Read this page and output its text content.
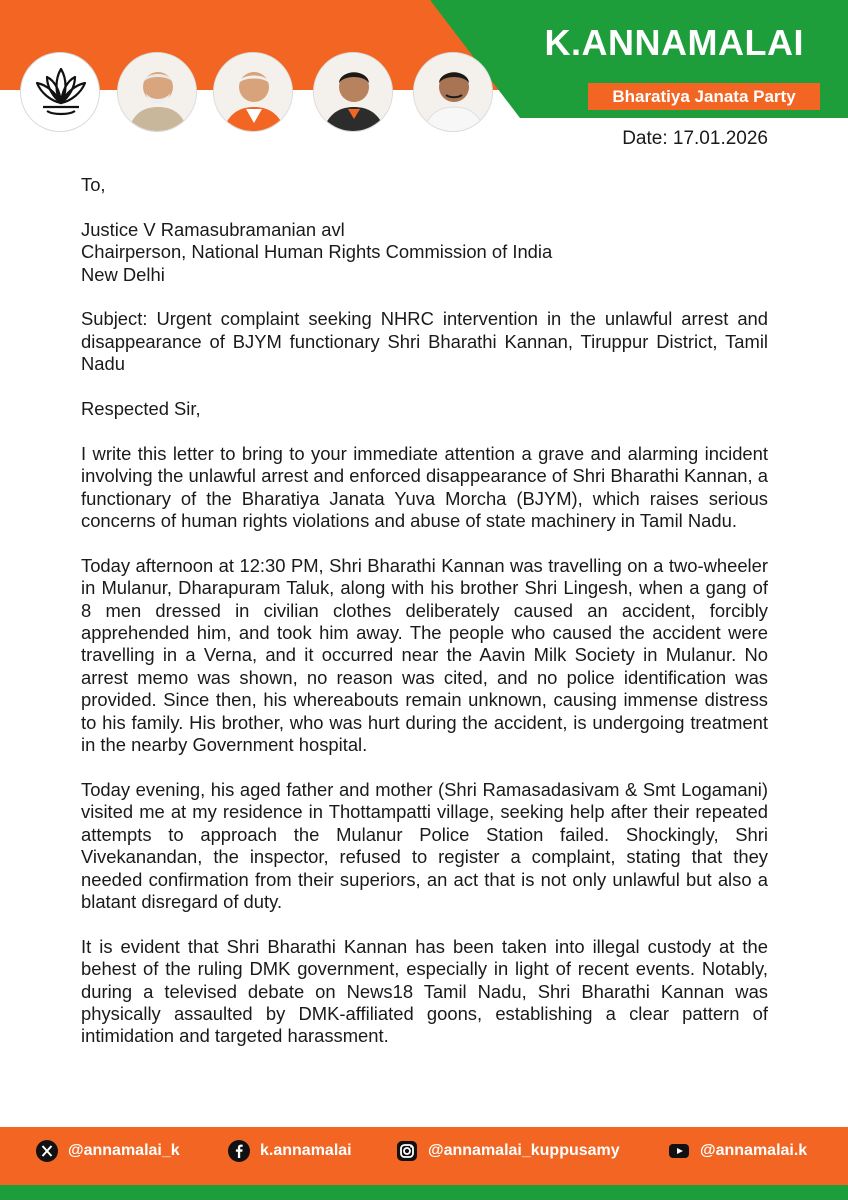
K.ANNAMALAI
Bharatiya Janata Party
Date: 17.01.2026

To,

Justice V Ramasubramanian avl

Chairperson, National Human Rights Commission of India

New Delhi

Subject: Urgent complaint seeking NHRC intervention in the unlawful arrest and disappearance of BJYM functionary Shri Bharathi Kannan, Tiruppur District, Tamil Nadu

Respected Sir,

I write this letter to bring to your immediate attention a grave and alarming incident involving the unlawful arrest and enforced disappearance of Shri Bharathi Kannan, a functionary of the Bharatiya Janata Yuva Morcha (BJYM), which raises serious concerns of human rights violations and abuse of state machinery in Tamil Nadu.

Today afternoon at 12:30 PM, Shri Bharathi Kannan was travelling on a two-wheeler in Mulanur, Dharapuram Taluk, along with his brother Shri Lingesh, when a gang of 8 men dressed in civilian clothes deliberately caused an accident, forcibly apprehended him, and took him away. The people who caused the accident were travelling in a Verna, and it occurred near the Aavin Milk Society in Mulanur. No arrest memo was shown, no reason was cited, and no police identification was provided. Since then, his whereabouts remain unknown, causing immense distress to his family. His brother, who was hurt during the accident, is undergoing treatment in the nearby Government hospital.

Today evening, his aged father and mother (Shri Ramasadasivam & Smt Logamani) visited me at my residence in Thottampatti village, seeking help after their repeated attempts to approach the Mulanur Police Station failed. Shockingly, Shri Vivekanandan, the inspector, refused to register a complaint, stating that they needed confirmation from their superiors, an act that is not only unlawful but also a blatant disregard of duty.

It is evident that Shri Bharathi Kannan has been taken into illegal custody at the behest of the ruling DMK government, especially in light of recent events. Notably, during a televised debate on News18 Tamil Nadu, Shri Bharathi Kannan was physically assaulted by DMK-affiliated goons, establishing a clear pattern of intimidation and targeted harassment.

@annamalai_k	k.annamalai	@annamalai_kuppusamy	@annamalai.k
